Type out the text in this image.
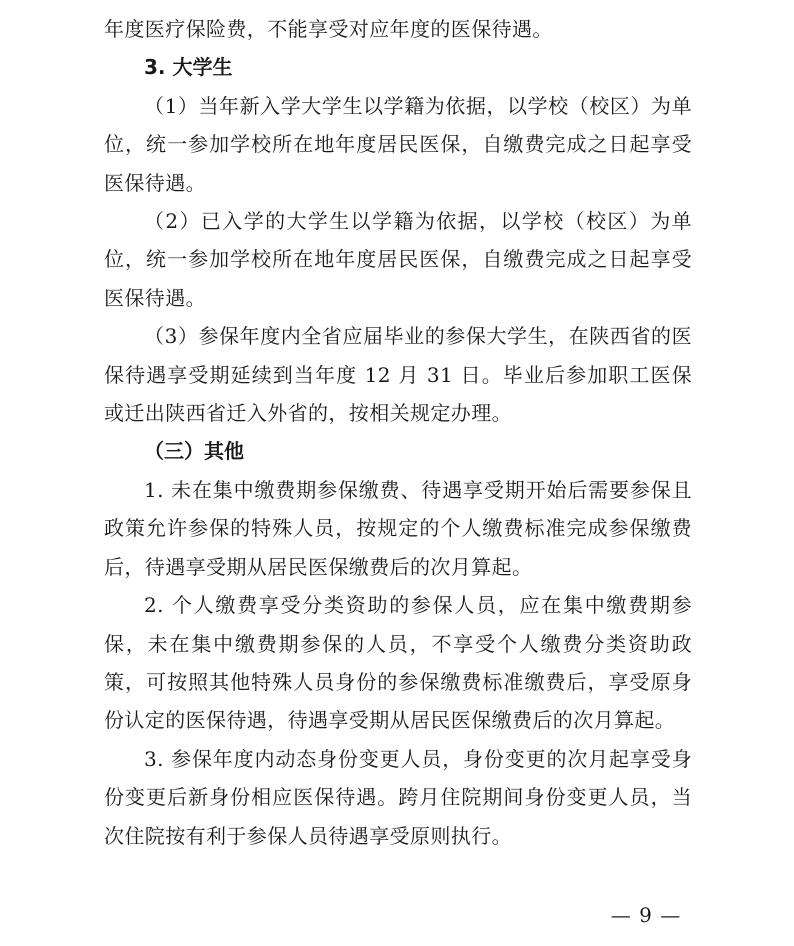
年度医疗保险费，不能享受对应年度的医保待遇。

3. 大学生

（1）当年新入学大学生以学籍为依据，以学校（校区）为单位，统一参加学校所在地年度居民医保，自缴费完成之日起享受医保待遇。

（2）已入学的大学生以学籍为依据，以学校（校区）为单位，统一参加学校所在地年度居民医保，自缴费完成之日起享受医保待遇。

（3）参保年度内全省应届毕业的参保大学生，在陕西省的医保待遇享受期延续到当年度 12 月 31 日。毕业后参加职工医保或迁出陕西省迁入外省的，按相关规定办理。

（三）其他

1. 未在集中缴费期参保缴费、待遇享受期开始后需要参保且政策允许参保的特殊人员，按规定的个人缴费标准完成参保缴费后，待遇享受期从居民医保缴费后的次月算起。

2. 个人缴费享受分类资助的参保人员，应在集中缴费期参保，未在集中缴费期参保的人员，不享受个人缴费分类资助政策，可按照其他特殊人员身份的参保缴费标准缴费后，享受原身份认定的医保待遇，待遇享受期从居民医保缴费后的次月算起。

3. 参保年度内动态身份变更人员，身份变更的次月起享受身份变更后新身份相应医保待遇。跨月住院期间身份变更人员，当次住院按有利于参保人员待遇享受原则执行。

— 9 —
